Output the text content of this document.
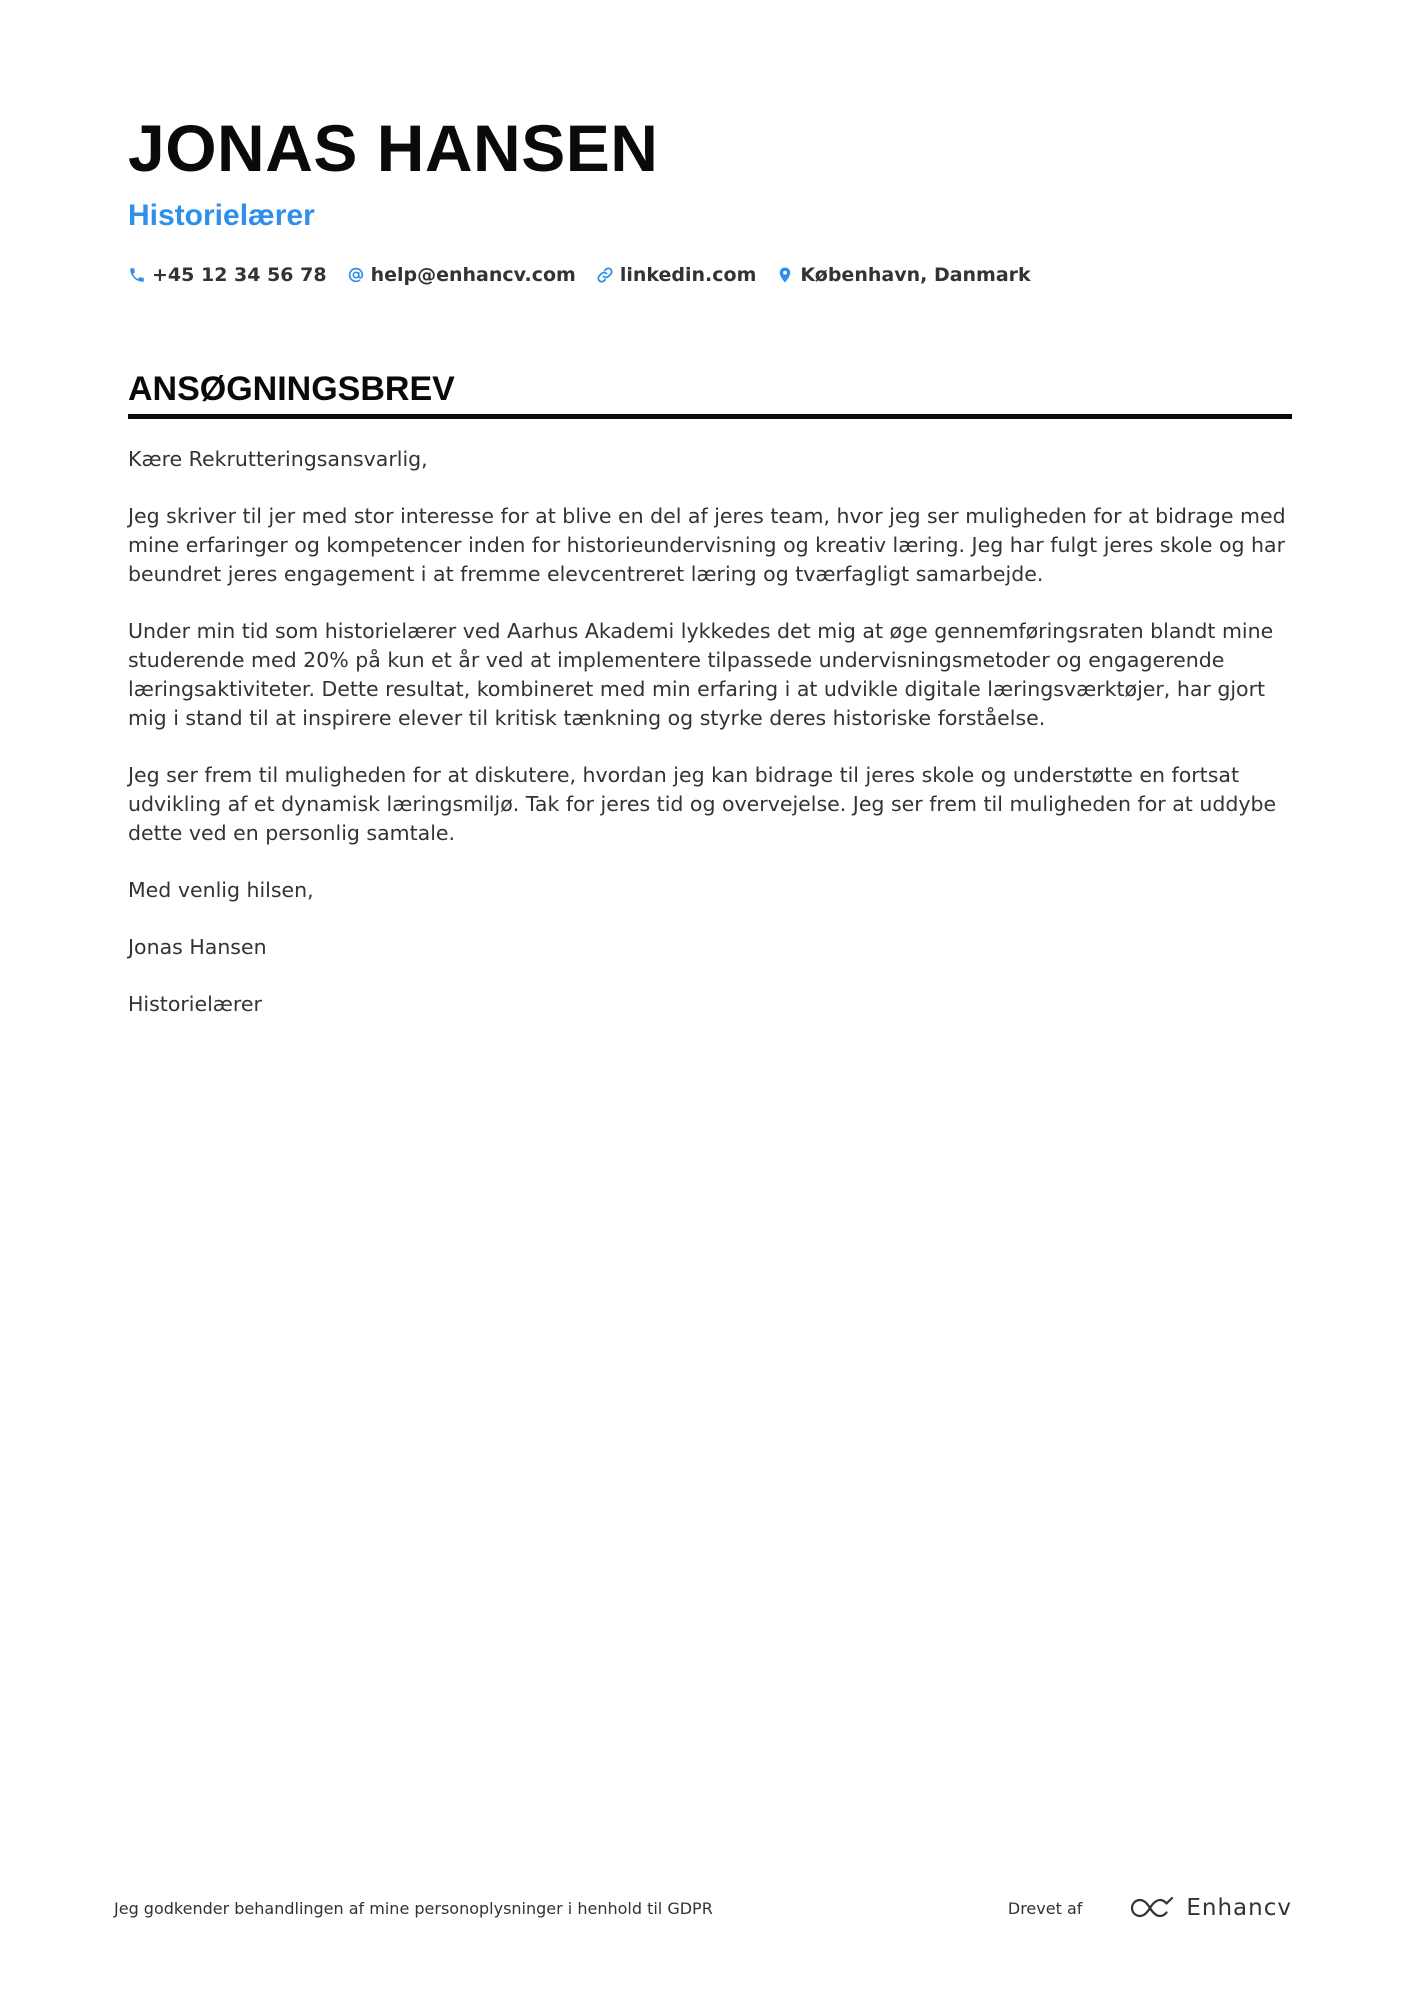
JONAS HANSEN
Historielærer
+45 12 34 56 78 help@enhancv.com linkedin.com København, Danmark
ANSØGNINGSBREV

Kære Rekrutteringsansvarlig,

Jeg skriver til jer med stor interesse for at blive en del af jeres team, hvor jeg ser muligheden for at bidrage med mine erfaringer og kompetencer inden for historieundervisning og kreativ læring. Jeg har fulgt jeres skole og har beundret jeres engagement i at fremme elevcentreret læring og tværfagligt samarbejde.

Under min tid som historielærer ved Aarhus Akademi lykkedes det mig at øge gennemføringsraten blandt mine studerende med 20% på kun et år ved at implementere tilpassede undervisningsmetoder og engagerende læringsaktiviteter. Dette resultat, kombineret med min erfaring i at udvikle digitale læringsværktøjer, har gjort mig i stand til at inspirere elever til kritisk tænkning og styrke deres historiske forståelse.

Jeg ser frem til muligheden for at diskutere, hvordan jeg kan bidrage til jeres skole og understøtte en fortsat udvikling af et dynamisk læringsmiljø. Tak for jeres tid og overvejelse. Jeg ser frem til muligheden for at uddybe dette ved en personlig samtale.

Med venlig hilsen,

Jonas Hansen

Historielærer

Jeg godkender behandlingen af mine personoplysninger i henhold til GDPR	Drevet af	Enhancv
